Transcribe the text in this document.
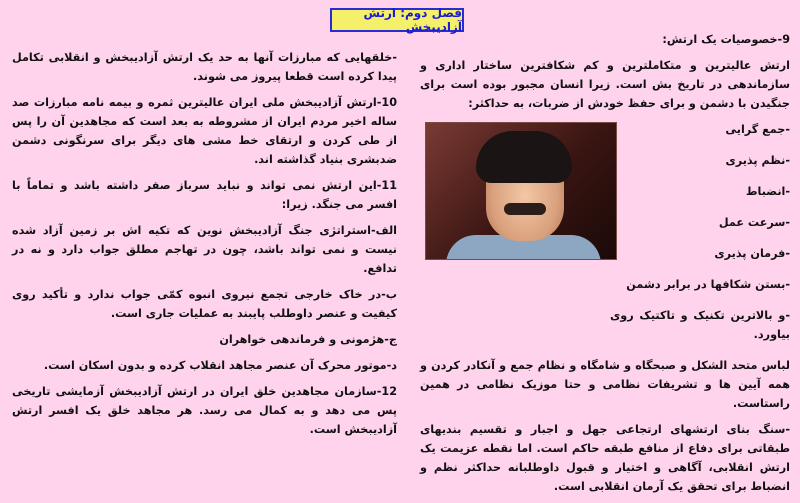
فصل دوم: ارتش آزادیبخش

9-خصوصیات یک ارتش:

ارتش عالیترین و متکاملترین و کم شکافترین ساختار اداری و سازماندهی در تاریخ بش است. زیرا انسان مجبور بوده است برای جنگیدن با دشمن و برای حفظ خودش از ضربات، به حداکثر:

-جمع گرایی

-نظم پذیری

-انضباط

-سرعت عمل

-فرمان پذیری

-بستن شکافها در برابر دشمن

-و بالاترین تکنیک و تاکتیک روی بیاورد.

لباس متحد الشکل و صبحگاه و شامگاه و نظام جمع و آنکادر کردن و همه آیین ها و تشریفات نظامی و حتا موزیک نظامی در همین راستاست.

-سنگ بنای ارتشهای ارتجاعی جهل و اجبار و تقسیم بندیهای طبقاتی برای دفاع از منافع طبقه حاکم است. اما نقطه عزیمت یک ارتش انقلابی، آگاهی و اختیار و قبول داوطلبانه حداکثر نظم و انضباط برای تحقق یک آرمان انقلابی است.

-خلقهایی که مبارزات آنها به حد یک ارتش آزادیبخش و انقلابی تکامل پیدا کرده است قطعا پیروز می شوند.

10-ارتش آزادیبخش ملی ایران عالیترین ثمره و بیمه نامه مبارزات صد ساله اخیر مردم ایران از مشروطه به بعد است که مجاهدین آن را پس از طی کردن و ارتقای خط مشی های دیگر برای سرنگونی دشمن ضدبشری بنیاد گذاشته اند.

11-این ارتش نمی تواند و نباید سرباز صفر داشته باشد و تماماً با افسر می جنگد. زیرا:

الف-استراتژی جنگ آزادیبخش نوین که تکیه اش بر زمین آزاد شده نیست و نمی تواند باشد، چون در تهاجم مطلق جواب دارد و نه در تدافع.

ب-در خاک خارجی تجمع نیروی انبوه کمّی جواب ندارد و تأکید روی کیفیت و عنصر داوطلب پایبند به عملیات جاری است.

ج-هژمونی و فرماندهی خواهران

د-موتور محرک آن عنصر مجاهد انقلاب کرده و بدون اسکان است.

12-سازمان مجاهدین خلق ایران در ارتش آزادیبخش آزمایشی تاریخی پس می دهد و به کمال می رسد. هر مجاهد خلق یک افسر ارتش آزادیبخش است.
